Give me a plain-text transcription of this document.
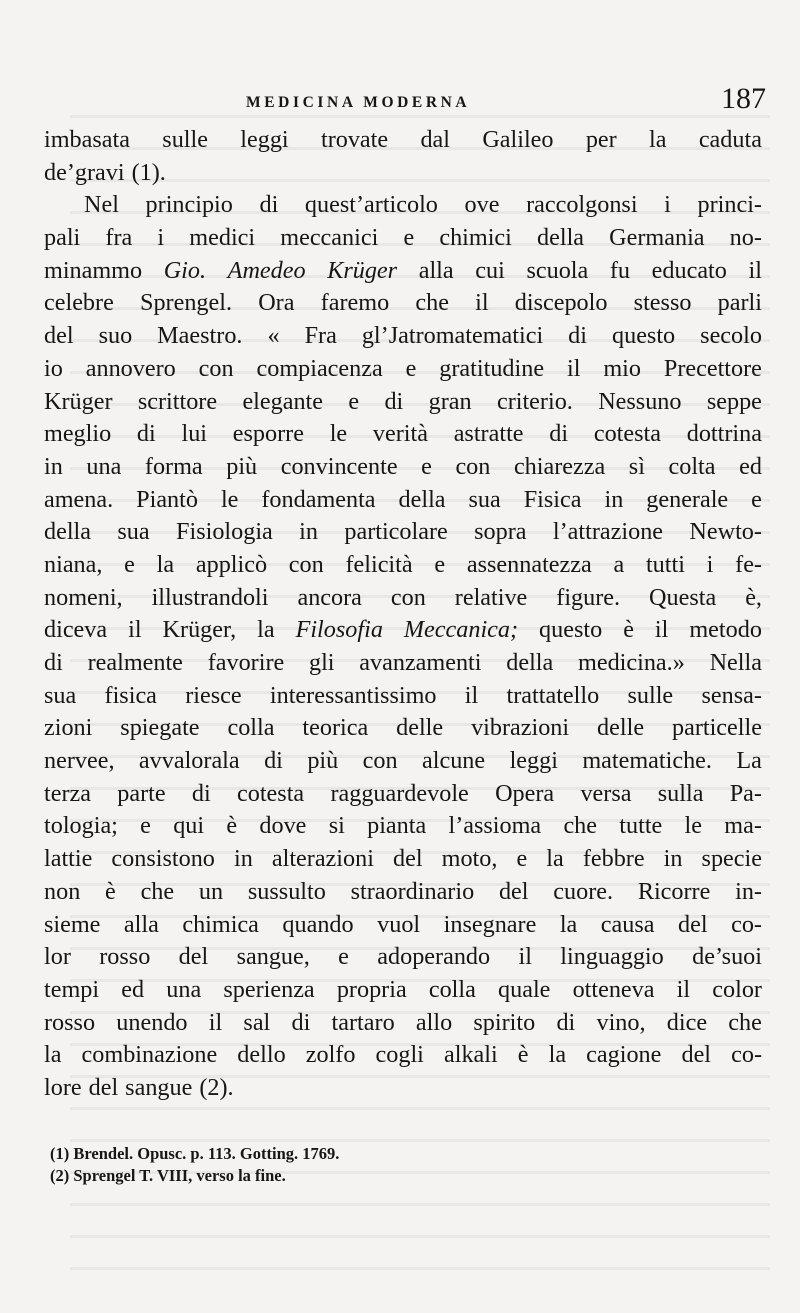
MEDICINA MODERNA	187
imbasata sulle leggi trovate dal Galileo per la caduta
de’gravi (1).
Nel principio di quest’articolo ove raccolgonsi i princi-
pali fra i medici meccanici e chimici della Germania no-
minammo Gio. Amedeo Krüger alla cui scuola fu educato il
celebre Sprengel. Ora faremo che il discepolo stesso parli
del suo Maestro. « Fra gl’Jatromatematici di questo secolo
io annovero con compiacenza e gratitudine il mio Precettore
Krüger scrittore elegante e di gran criterio. Nessuno seppe
meglio di lui esporre le verità astratte di cotesta dottrina
in una forma più convincente e con chiarezza sì colta ed
amena. Piantò le fondamenta della sua Fisica in generale e
della sua Fisiologia in particolare sopra l’attrazione Newto-
niana, e la applicò con felicità e assennatezza a tutti i fe-
nomeni, illustrandoli ancora con relative figure. Questa è,
diceva il Krüger, la Filosofia Meccanica; questo è il metodo
di realmente favorire gli avanzamenti della medicina.» Nella
sua fisica riesce interessantissimo il trattatello sulle sensa-
zioni spiegate colla teorica delle vibrazioni delle particelle
nervee, avvalorala di più con alcune leggi matematiche. La
terza parte di cotesta ragguardevole Opera versa sulla Pa-
tologia; e qui è dove si pianta l’assioma che tutte le ma-
lattie consistono in alterazioni del moto, e la febbre in specie
non è che un sussulto straordinario del cuore. Ricorre in-
sieme alla chimica quando vuol insegnare la causa del co-
lor rosso del sangue, e adoperando il linguaggio de’suoi
tempi ed una sperienza propria colla quale otteneva il color
rosso unendo il sal di tartaro allo spirito di vino, dice che
la combinazione dello zolfo cogli alkali è la cagione del co-
lore del sangue (2).
(1) Brendel. Opusc. p. 113. Gotting. 1769.
(2) Sprengel T. VIII, verso la fine.
